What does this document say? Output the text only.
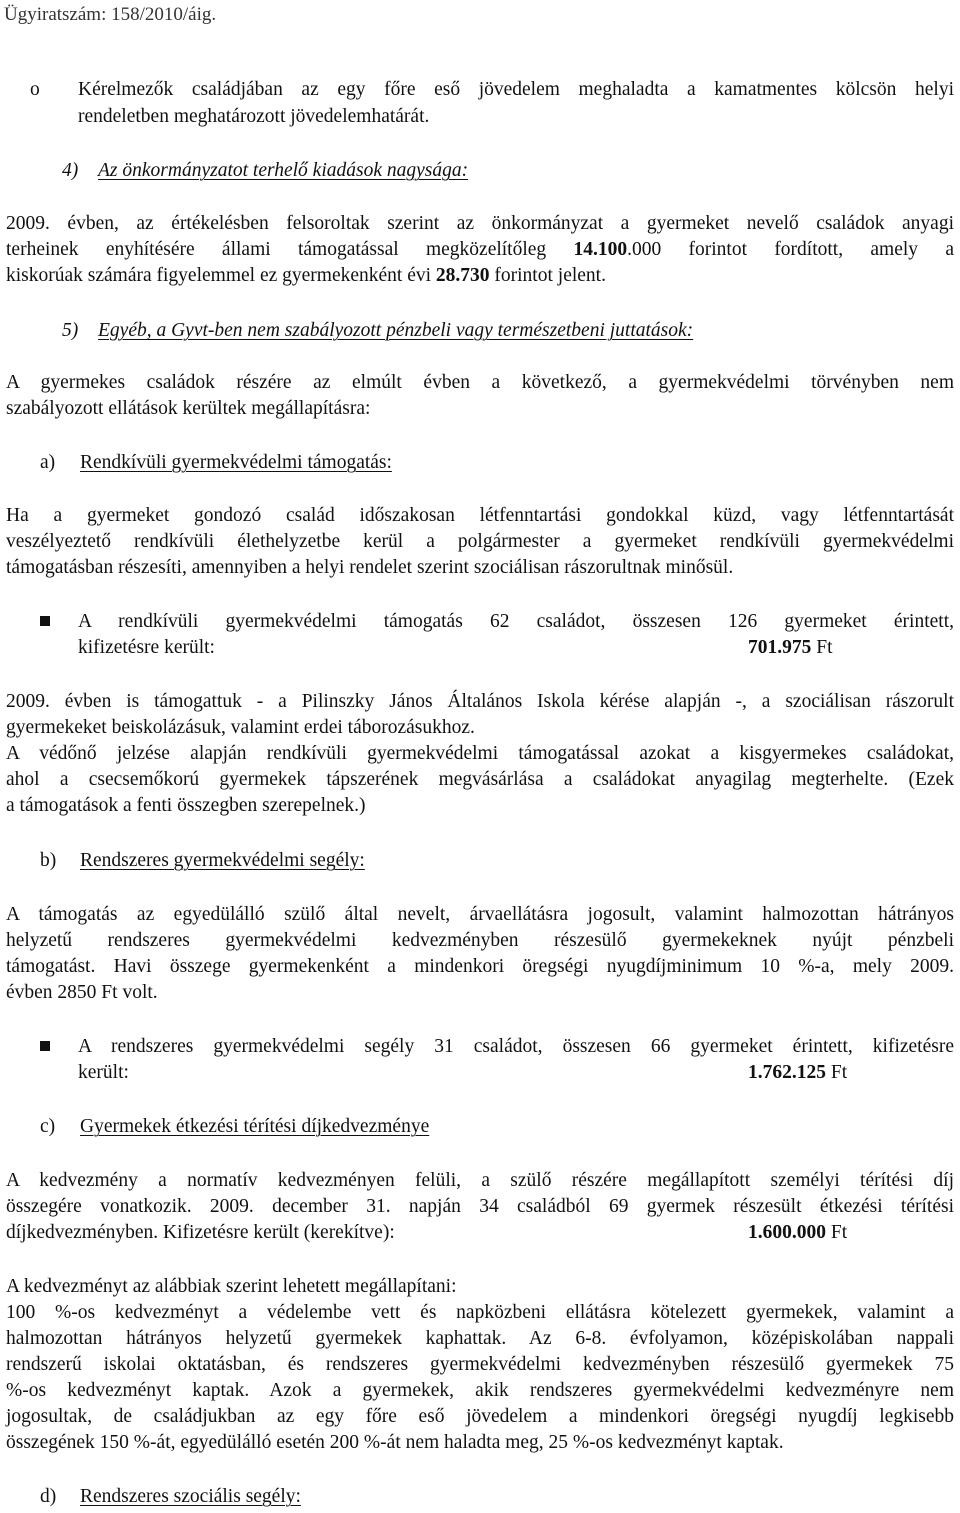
Ügyiratszám: 158/2010/áig.
o Kérelmezők családjában az egy főre eső jövedelem meghaladta a kamatmentes kölcsön helyi
rendeletben meghatározott jövedelemhatárát.
4) Az önkormányzatot terhelő kiadások nagysága:
2009. évben, az értékelésben felsoroltak szerint az önkormányzat a gyermeket nevelő családok anyagi
terheinek enyhítésére állami támogatással megközelítőleg 14.100.000 forintot fordított, amely a
kiskorúak számára figyelemmel ez gyermekenként évi 28.730 forintot jelent.
5) Egyéb, a Gyvt-ben nem szabályozott pénzbeli vagy természetbeni juttatások:
A gyermekes családok részére az elmúlt évben a következő, a gyermekvédelmi törvényben nem
szabályozott ellátások kerültek megállapításra:
a) Rendkívüli gyermekvédelmi támogatás:
Ha a gyermeket gondozó család időszakosan létfenntartási gondokkal küzd, vagy létfenntartását
veszélyeztető rendkívüli élethelyzetbe kerül a polgármester a gyermeket rendkívüli gyermekvédelmi
támogatásban részesíti, amennyiben a helyi rendelet szerint szociálisan rászorultnak minősül.
A rendkívüli gyermekvédelmi támogatás 62 családot, összesen 126 gyermeket érintett,
kifizetésre került:	701.975 Ft
2009. évben is támogattuk - a Pilinszky János Általános Iskola kérése alapján -, a szociálisan rászorult
gyermekeket beiskolázásuk, valamint erdei táborozásukhoz.
A védőnő jelzése alapján rendkívüli gyermekvédelmi támogatással azokat a kisgyermekes családokat,
ahol a csecsemőkorú gyermekek tápszerének megvásárlása a családokat anyagilag megterhelte. (Ezek
a támogatások a fenti összegben szerepelnek.)
b) Rendszeres gyermekvédelmi segély:
A támogatás az egyedülálló szülő által nevelt, árvaellátásra jogosult, valamint halmozottan hátrányos
helyzetű rendszeres gyermekvédelmi kedvezményben részesülő gyermekeknek nyújt pénzbeli
támogatást. Havi összege gyermekenként a mindenkori öregségi nyugdíjminimum 10 %-a, mely 2009.
évben 2850 Ft volt.
A rendszeres gyermekvédelmi segély 31 családot, összesen 66 gyermeket érintett, kifizetésre
került:	1.762.125 Ft
c) Gyermekek étkezési térítési díjkedvezménye
A kedvezmény a normatív kedvezményen felüli, a szülő részére megállapított személyi térítési díj
összegére vonatkozik. 2009. december 31. napján 34 családból 69 gyermek részesült étkezési térítési
díjkedvezményben. Kifizetésre került (kerekítve):	1.600.000 Ft
A kedvezményt az alábbiak szerint lehetett megállapítani:
100 %-os kedvezményt a védelembe vett és napközbeni ellátásra kötelezett gyermekek, valamint a
halmozottan hátrányos helyzetű gyermekek kaphattak. Az 6-8. évfolyamon, középiskolában nappali
rendszerű iskolai oktatásban, és rendszeres gyermekvédelmi kedvezményben részesülő gyermekek 75
%-os kedvezményt kaptak. Azok a gyermekek, akik rendszeres gyermekvédelmi kedvezményre nem
jogosultak, de családjukban az egy főre eső jövedelem a mindenkori öregségi nyugdíj legkisebb
összegének 150 %-át, egyedülálló esetén 200 %-át nem haladta meg, 25 %-os kedvezményt kaptak.
d) Rendszeres szociális segély:
